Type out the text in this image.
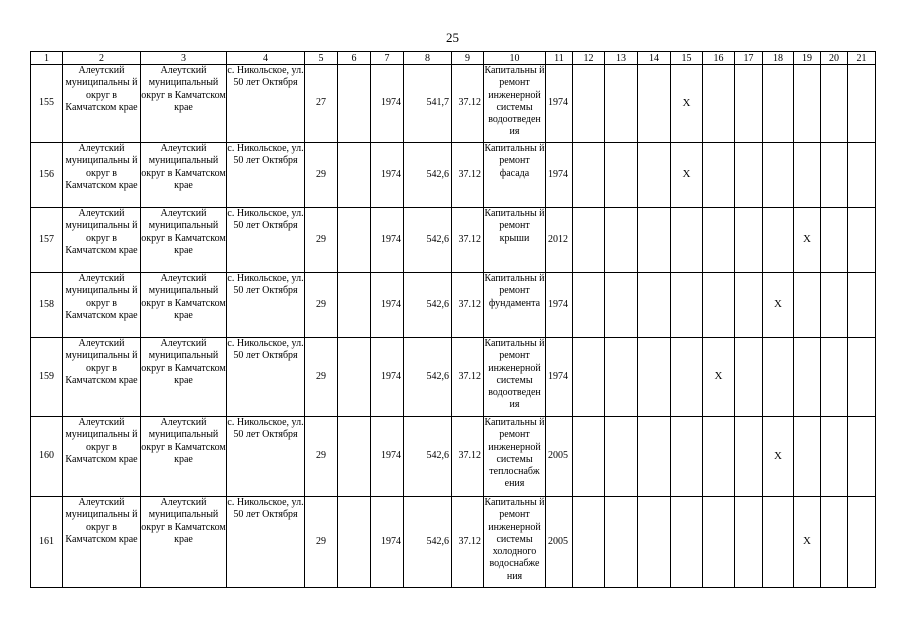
25
1	2	3	4	5	6	7	8	9	10	11	12	13	14	15	16	17	18	19	20	21
155	Алеутский муниципальны й округ в Камчатском крае	Алеутский муниципальный округ в Камчатском крае	с. Никольское, ул. 50 лет Октября	27		1974	541,7	37.12	Капитальны й ремонт инженерной системы водоотведен ия	1974				X						
156	Алеутский муниципальны й округ в Камчатском крае	Алеутский муниципальный округ в Камчатском крае	с. Никольское, ул. 50 лет Октября	29		1974	542,6	37.12	Капитальны й ремонт фасада	1974				X						
157	Алеутский муниципальны й округ в Камчатском крае	Алеутский муниципальный округ в Камчатском крае	с. Никольское, ул. 50 лет Октября	29		1974	542,6	37.12	Капитальны й ремонт крыши	2012								X		
158	Алеутский муниципальны й округ в Камчатском крае	Алеутский муниципальный округ в Камчатском крае	с. Никольское, ул. 50 лет Октября	29		1974	542,6	37.12	Капитальны й ремонт фундамента	1974							X			
159	Алеутский муниципальны й округ в Камчатском крае	Алеутский муниципальный округ в Камчатском крае	с. Никольское, ул. 50 лет Октября	29		1974	542,6	37.12	Капитальны й ремонт инженерной системы водоотведен ия	1974					X					
160	Алеутский муниципальны й округ в Камчатском крае	Алеутский муниципальный округ в Камчатском крае	с. Никольское, ул. 50 лет Октября	29		1974	542,6	37.12	Капитальны й ремонт инженерной системы теплоснабж ения	2005							X			
161	Алеутский муниципальны й округ в Камчатском крае	Алеутский муниципальный округ в Камчатском крае	с. Никольское, ул. 50 лет Октября	29		1974	542,6	37.12	Капитальны й ремонт инженерной системы холодного водоснабже ния	2005								X		
